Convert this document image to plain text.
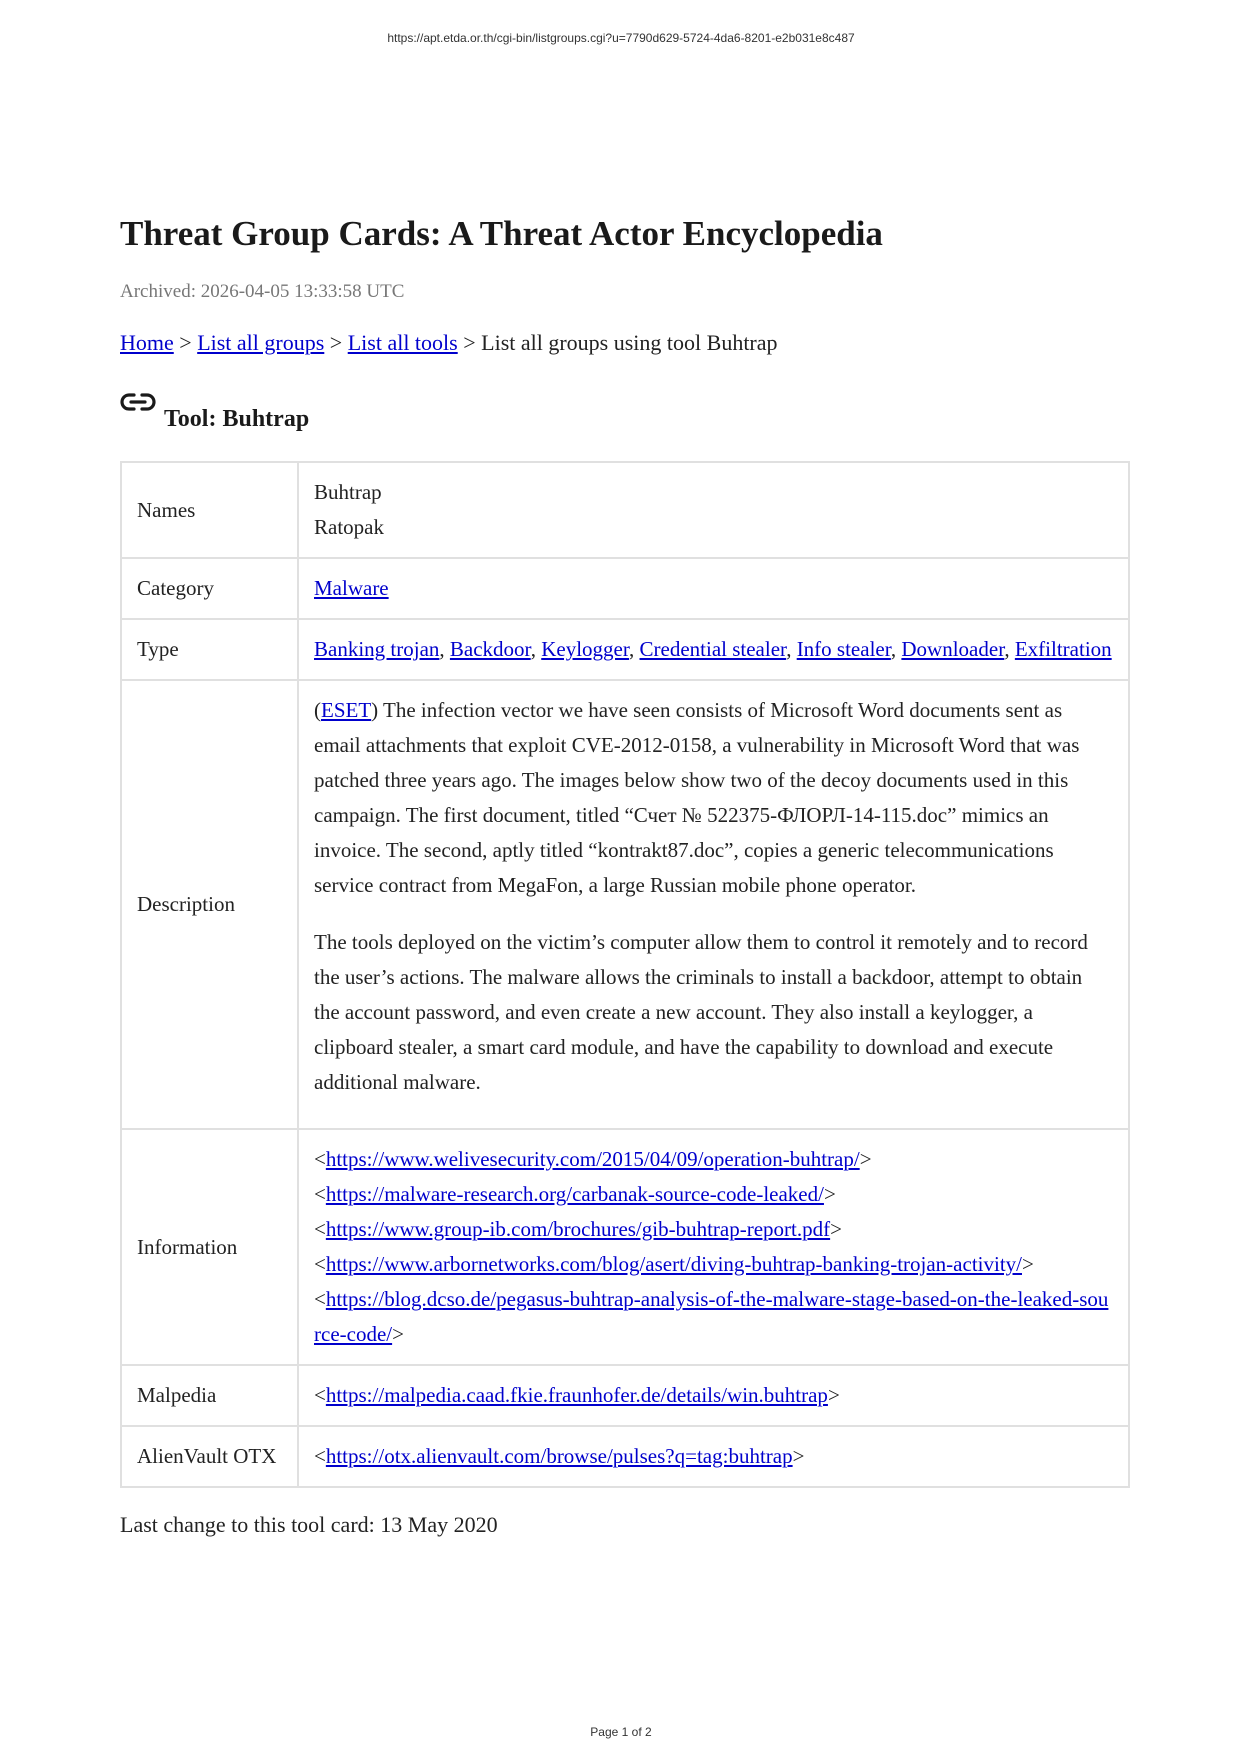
https://apt.etda.or.th/cgi-bin/listgroups.cgi?u=7790d629-5724-4da6-8201-e2b031e8c487
Threat Group Cards: A Threat Actor Encyclopedia
Archived: 2026-04-05 13:33:58 UTC
Home > List all groups > List all tools > List all groups using tool Buhtrap
Tool: Buhtrap
Names	Buhtrap
Ratopak

Category	Malware
Type	Banking trojan, Backdoor, Keylogger, Credential stealer, Info stealer, Downloader, Exfiltration
Description	(ESET) The infection vector we have seen consists of Microsoft Word documents sent as email attachments that exploit CVE-2012-0158, a vulnerability in Microsoft Word that was patched three years ago. The images below show two of the decoy documents used in this campaign. The first document, titled “Счет № 522375-ФЛОРЛ-14-115.doc” mimics an invoice. The second, aptly titled “kontrakt87.doc”, copies a generic telecommunications service contract from MegaFon, a large Russian mobile phone operator.

The tools deployed on the victim’s computer allow them to control it remotely and to record the user’s actions. The malware allows the criminals to install a backdoor, attempt to obtain the account password, and even create a new account. They also install a keylogger, a clipboard stealer, a smart card module, and have the capability to download and execute additional malware.

Information	<https://www.welivesecurity.com/2015/04/09/operation-buhtrap/>
<https://malware-research.org/carbanak-source-code-leaked/>
<https://www.group-ib.com/brochures/gib-buhtrap-report.pdf>
<https://www.arbornetworks.com/blog/asert/diving-buhtrap-banking-trojan-activity/>
<https://blog.dcso.de/pegasus-buhtrap-analysis-of-the-malware-stage-based-on-the-leaked-source-code/>

Malpedia	<https://malpedia.caad.fkie.fraunhofer.de/details/win.buhtrap>
AlienVault OTX	<https://otx.alienvault.com/browse/pulses?q=tag:buhtrap>
Last change to this tool card: 13 May 2020
Page 1 of 2
